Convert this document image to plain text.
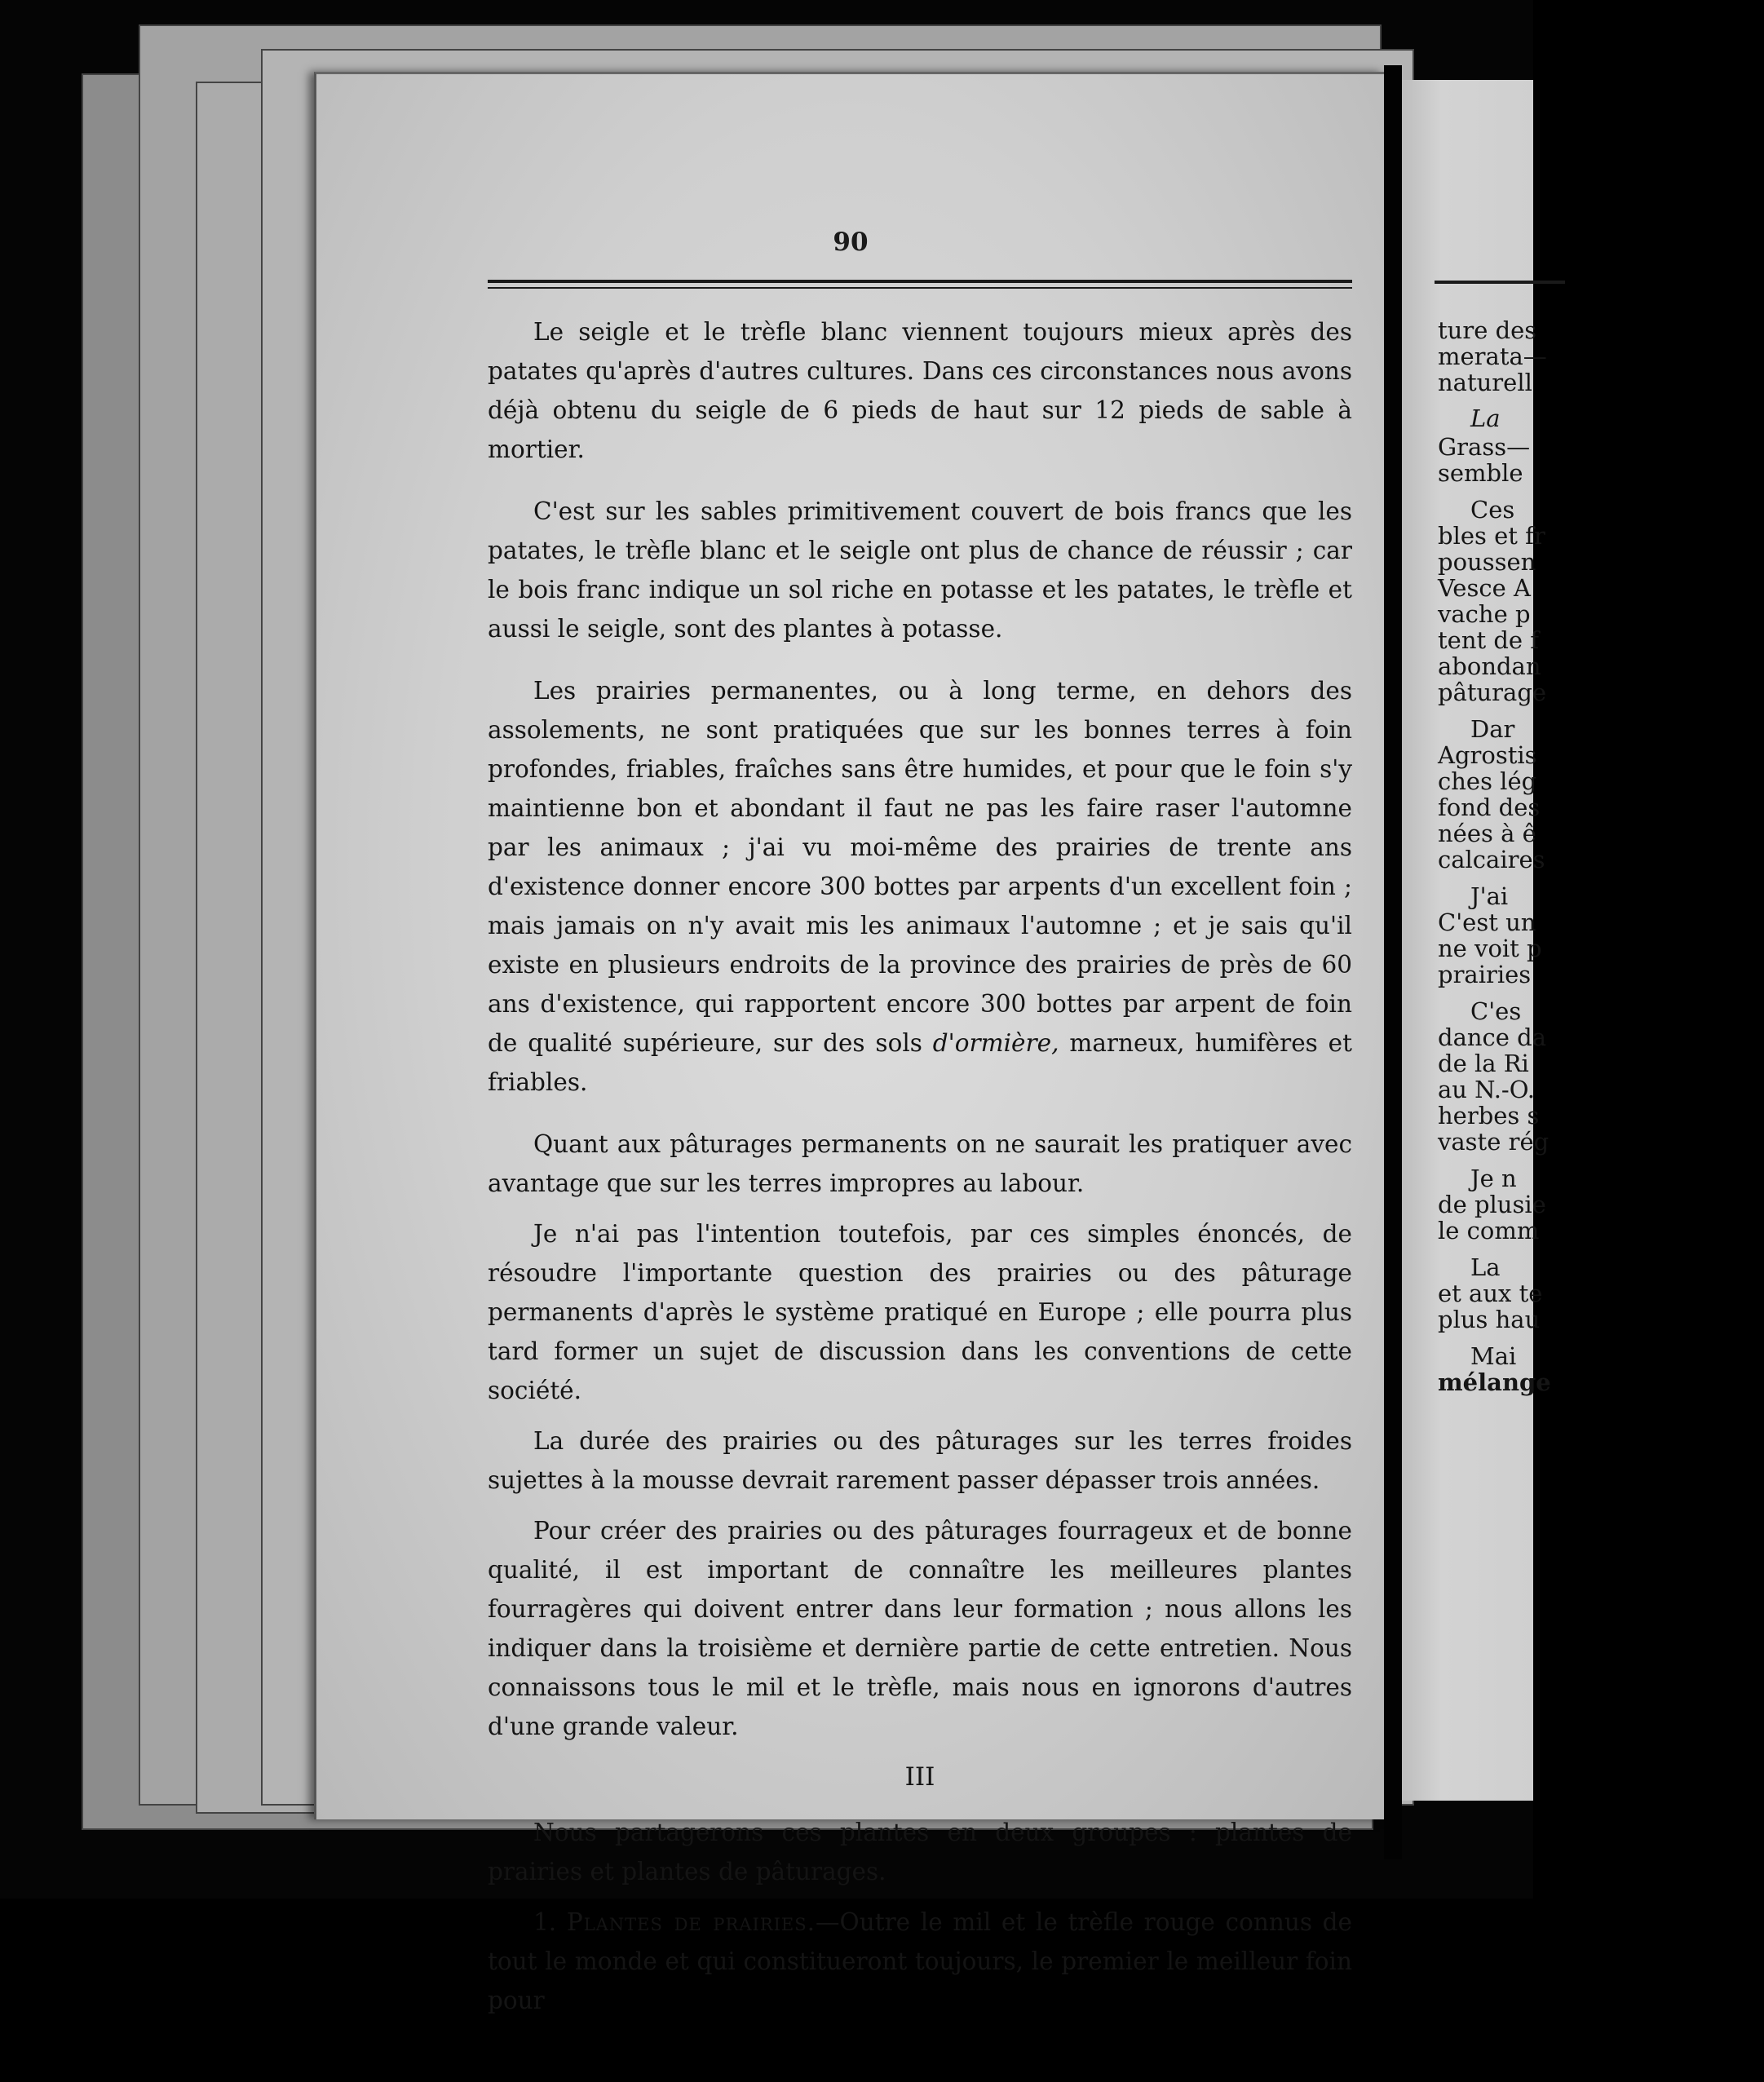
90

Le seigle et le trèfle blanc viennent toujours mieux après des patates qu'après d'autres cultures. Dans ces circonstances nous avons déjà obtenu du seigle de 6 pieds de haut sur 12 pieds de sable à mortier.

C'est sur les sables primitivement couvert de bois francs que les patates, le trèfle blanc et le seigle ont plus de chance de réussir ; car le bois franc indique un sol riche en potasse et les patates, le trèfle et aussi le seigle, sont des plantes à potasse.

Les prairies permanentes, ou à long terme, en dehors des assolements, ne sont pratiquées que sur les bonnes terres à foin profondes, friables, fraîches sans être humides, et pour que le foin s'y maintienne bon et abondant il faut ne pas les faire raser l'automne par les animaux ; j'ai vu moi-même des prairies de trente ans d'existence donner encore 300 bottes par arpents d'un excellent foin ; mais jamais on n'y avait mis les animaux l'automne ; et je sais qu'il existe en plusieurs endroits de la province des prairies de près de 60 ans d'existence, qui rapportent encore 300 bottes par arpent de foin de qualité supérieure, sur des sols d'ormière, marneux, humifères et friables.

Quant aux pâturages permanents on ne saurait les pratiquer avec avantage que sur les terres impropres au labour.

Je n'ai pas l'intention toutefois, par ces simples énoncés, de résoudre l'importante question des prairies ou des pâturage permanents d'après le système pratiqué en Europe ; elle pourra plus tard former un sujet de discussion dans les conventions de cette société.

La durée des prairies ou des pâturages sur les terres froides sujettes à la mousse devrait rarement passer dépasser trois années.

Pour créer des prairies ou des pâturages fourrageux et de bonne qualité, il est important de connaître les meilleures plantes fourragères qui doivent entrer dans leur formation ; nous allons les indiquer dans la troisième et dernière partie de cette entretien. Nous connaissons tous le mil et le trèfle, mais nous en ignorons d'autres d'une grande valeur.

III

Nous partagerons ces plantes en deux groupes : plantes de prairies et plantes de pâturages.

1. Plantes de prairies.—Outre le mil et le trèfle rouge connus de tout le monde et qui constitueront toujours, le premier le meilleur foin pour les chevaux, et le second la base des mélanges fourragers pour la nourri-

ture des
merata—
naturell
La
Grass—
semble
Ces
bles et fr
poussen
Vesce A
vache p
tent de f
abondan
pâturage
Dar
Agrostis
ches lég
fond des
nées à ê
calcaires
J'ai
C'est un
ne voit p
prairies
C'es
dance da
de la Ri
au N.-O.
herbes s
vaste rég
Je n
de plusie
le comm
La
et aux te
plus hau
Mai
mélange
